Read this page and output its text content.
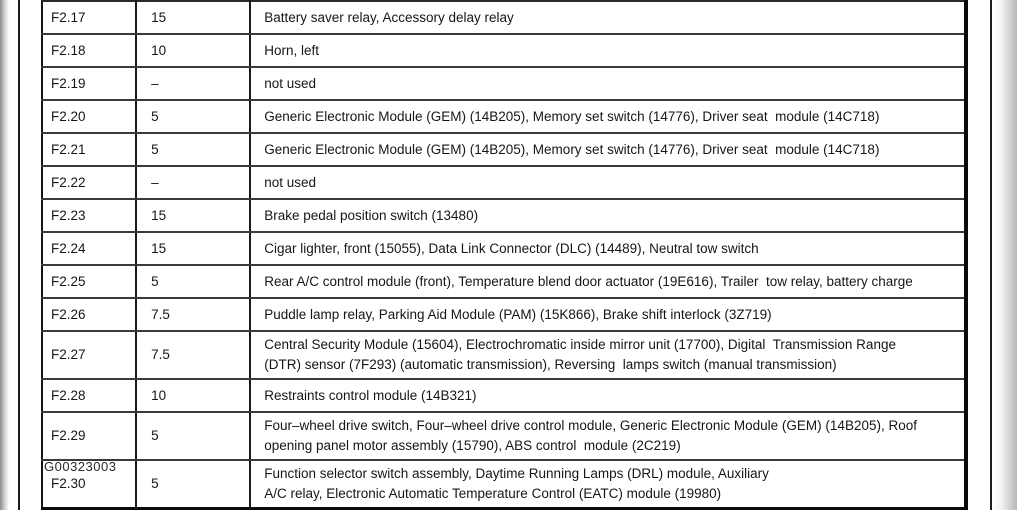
F2.17	15	Battery saver relay, Accessory delay relay
F2.18	10	Horn, left
F2.19	–	not used
F2.20	5	Generic Electronic Module (GEM) (14B205), Memory set switch (14776), Driver seat  module (14C718)
F2.21	5	Generic Electronic Module (GEM) (14B205), Memory set switch (14776), Driver seat  module (14C718)
F2.22	–	not used
F2.23	15	Brake pedal position switch (13480)
F2.24	15	Cigar lighter, front (15055), Data Link Connector (DLC) (14489), Neutral tow switch
F2.25	5	Rear A/C control module (front), Temperature blend door actuator (19E616), Trailer  tow relay, battery charge
F2.26	7.5	Puddle lamp relay, Parking Aid Module (PAM) (15K866), Brake shift interlock (3Z719)
F2.27	7.5	Central Security Module (15604), Electrochromatic inside mirror unit (17700), Digital  Transmission Range
(DTR) sensor (7F293) (automatic transmission), Reversing  lamps switch (manual transmission)
F2.28	10	Restraints control module (14B321)
F2.29	5	Four–wheel drive switch, Four–wheel drive control module, Generic Electronic Module (GEM) (14B205), Roof
opening panel motor assembly (15790), ABS control  module (2C219)
F2.30	5	Function selector switch assembly, Daytime Running Lamps (DRL) module, Auxiliary
A/C relay, Electronic Automatic Temperature Control (EATC) module (19980)
G00323003
